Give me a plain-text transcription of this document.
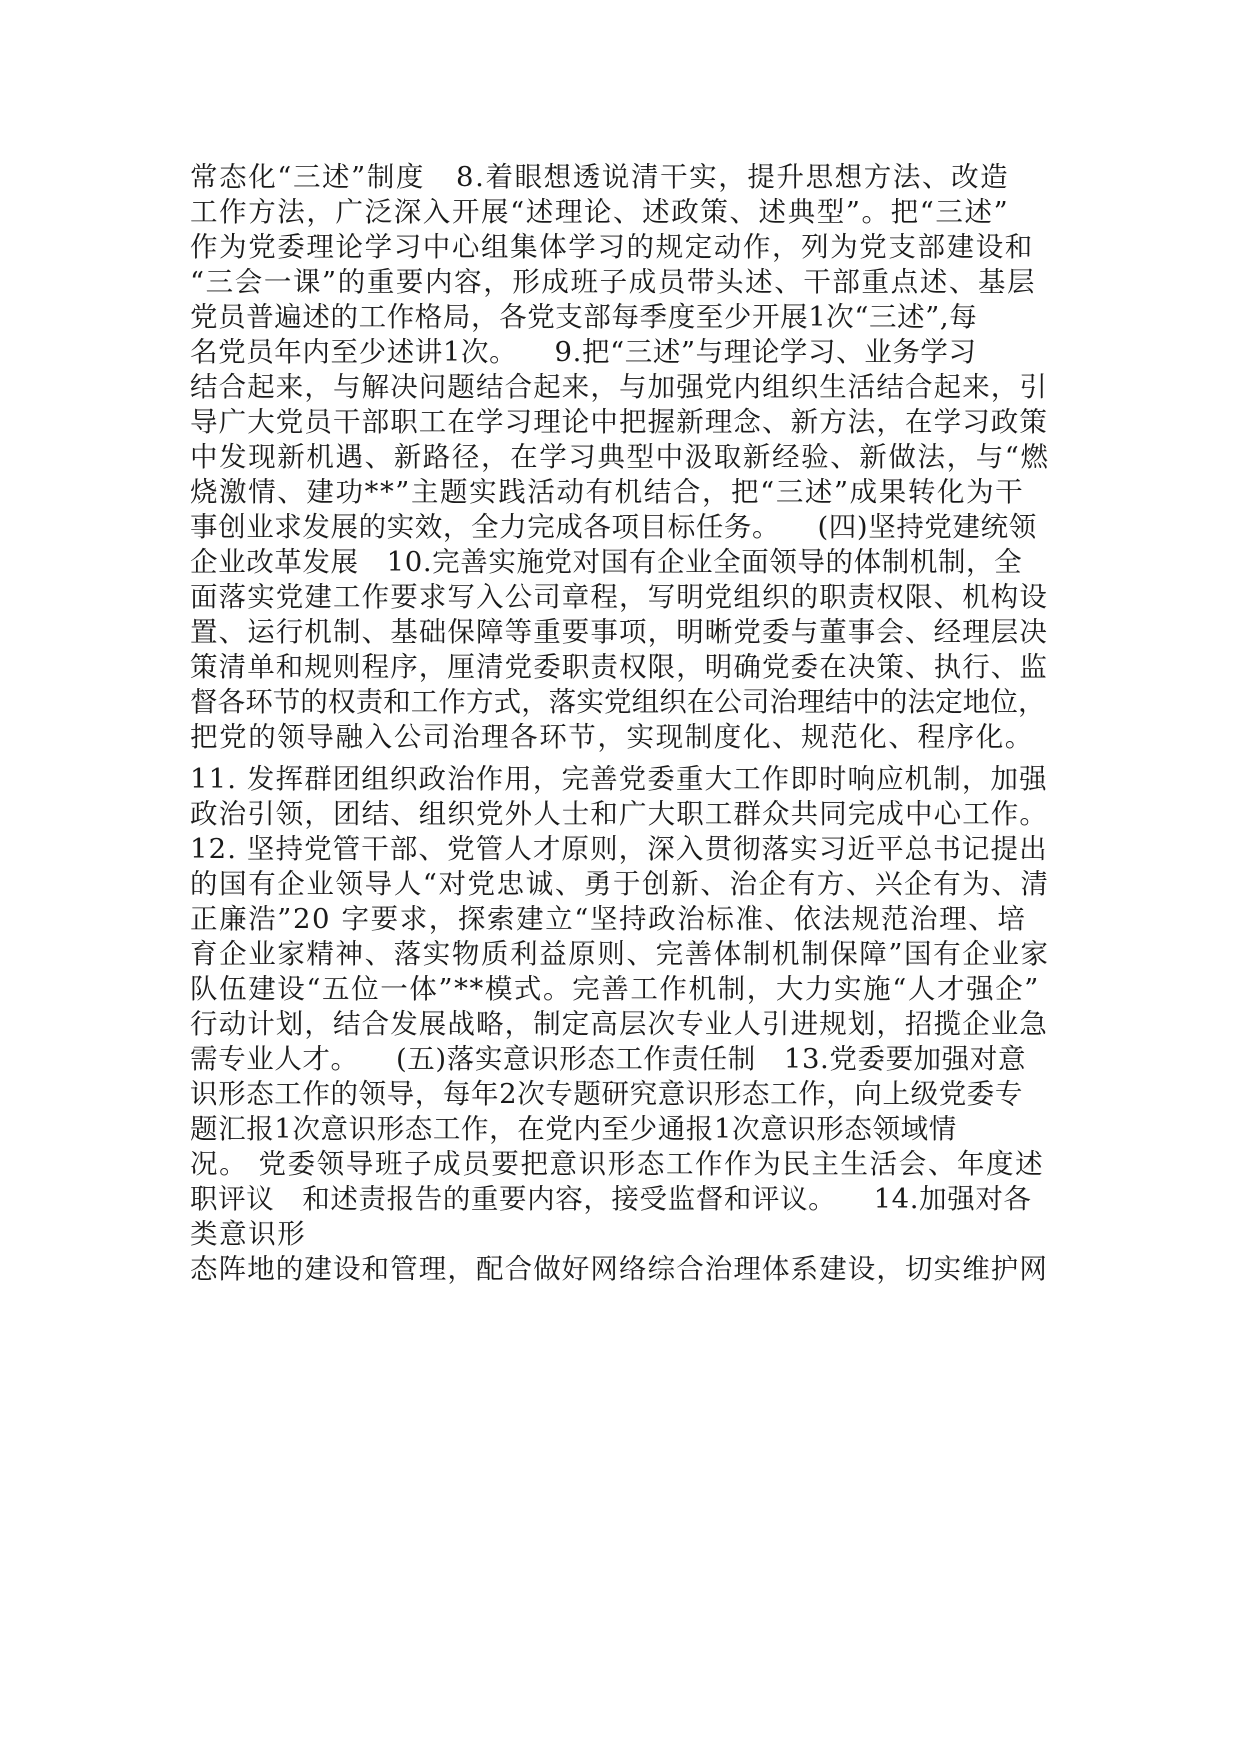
常态化“三述”制度   8.着眼想透说清干实，提升思想方法、改造
工作方法，广泛深入开展“述理论、述政策、述典型”。把“三述”
作为党委理论学习中心组集体学习的规定动作，列为党支部建设和
“三会一课”的重要内容，形成班子成员带头述、干部重点述、基层
党员普遍述的工作格局，各党支部每季度至少开展1次“三述”,每
名党员年内至少述讲1次。    9.把“三述”与理论学习、业务学习
结合起来，与解决问题结合起来，与加强党内组织生活结合起来，引
导广大党员干部职工在学习理论中把握新理念、新方法，在学习政策
中发现新机遇、新路径，在学习典型中汲取新经验、新做法，与“燃
烧激情、建功**”主题实践活动有机结合，把“三述”成果转化为干
事创业求发展的实效，全力完成各项目标任务。    (四)坚持党建统领
企业改革发展   10.完善实施党对国有企业全面领导的体制机制，全
面落实党建工作要求写入公司章程，写明党组织的职责权限、机构设
置、运行机制、基础保障等重要事项，明晰党委与董事会、经理层决
策清单和规则程序，厘清党委职责权限，明确党委在决策、执行、监
督各环节的权责和工作方式，落实党组织在公司治理结中的法定地位，
把党的领导融入公司治理各环节，实现制度化、规范化、程序化。
11. 发挥群团组织政治作用，完善党委重大工作即时响应机制，加强
政治引领，团结、组织党外人士和广大职工群众共同完成中心工作。
12. 坚持党管干部、党管人才原则，深入贯彻落实习近平总书记提出
的国有企业领导人“对党忠诚、勇于创新、治企有方、兴企有为、清
正廉浩”20 字要求，探索建立“坚持政治标准、依法规范治理、培
育企业家精神、落实物质利益原则、完善体制机制保障”国有企业家
队伍建设“五位一体”**模式。完善工作机制，大力实施“人才强企”
行动计划，结合发展战略，制定高层次专业人引进规划，招揽企业急
需专业人才。    (五)落实意识形态工作责任制   13.党委要加强对意
识形态工作的领导，每年2次专题研究意识形态工作，向上级党委专
题汇报1次意识形态工作，在党内至少通报1次意识形态领域情
况。 党委领导班子成员要把意识形态工作作为民主生活会、年度述
职评议   和述责报告的重要内容，接受监督和评议。    14.加强对各
类意识形
态阵地的建设和管理，配合做好网络综合治理体系建设，切实维护网
